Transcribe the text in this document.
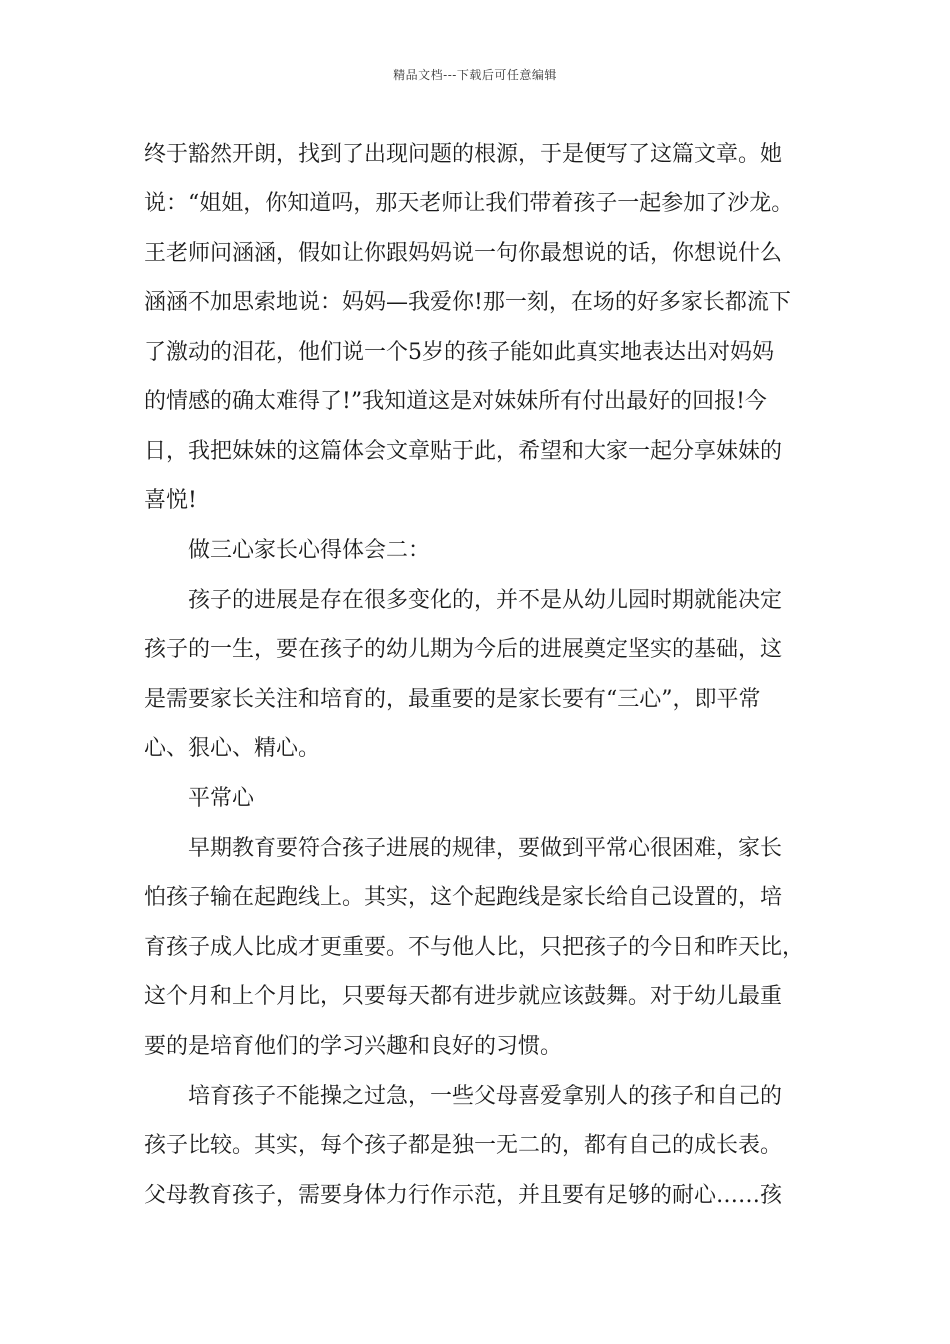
精品文档---下载后可任意编辑
终于豁然开朗，找到了出现问题的根源，于是便写了这篇文章。她
说：“姐姐，你知道吗，那天老师让我们带着孩子一起参加了沙龙。
王老师问涵涵，假如让你跟妈妈说一句你最想说的话，你想说什么
涵涵不加思索地说：妈妈—我爱你!那一刻，在场的好多家长都流下
了激动的泪花，他们说一个5岁的孩子能如此真实地表达出对妈妈
的情感的确太难得了!”我知道这是对妹妹所有付出最好的回报!今
日，我把妹妹的这篇体会文章贴于此，希望和大家一起分享妹妹的
喜悦!
做三心家长心得体会二：
孩子的进展是存在很多变化的，并不是从幼儿园时期就能决定
孩子的一生，要在孩子的幼儿期为今后的进展奠定坚实的基础，这
是需要家长关注和培育的，最重要的是家长要有“三心”，即平常
心、狠心、精心。
平常心
早期教育要符合孩子进展的规律，要做到平常心很困难，家长
怕孩子输在起跑线上。其实，这个起跑线是家长给自己设置的，培
育孩子成人比成才更重要。不与他人比，只把孩子的今日和昨天比，
这个月和上个月比，只要每天都有进步就应该鼓舞。对于幼儿最重
要的是培育他们的学习兴趣和良好的习惯。
培育孩子不能操之过急，一些父母喜爱拿别人的孩子和自己的
孩子比较。其实，每个孩子都是独一无二的，都有自己的成长表。
父母教育孩子，需要身体力行作示范，并且要有足够的耐心……孩
